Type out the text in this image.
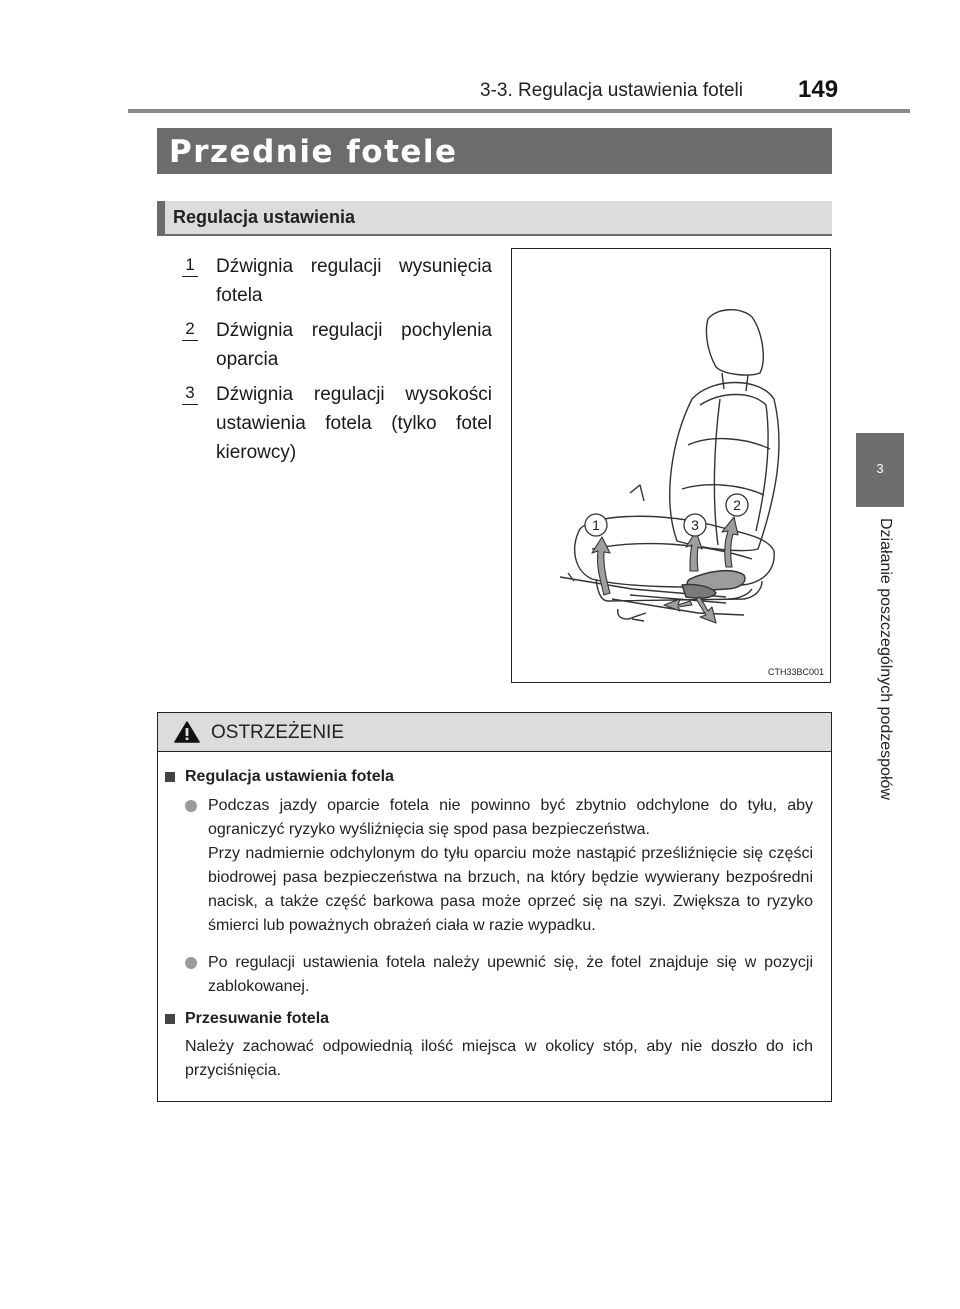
3-3. Regulacja ustawienia foteli 149
3
Działanie poszczególnych podzespołów
Przednie fotele
Regulacja ustawienia
1 Dźwignia regulacji wysunięcia fotela
2 Dźwignia regulacji pochylenia oparcia
3 Dźwignia regulacji wysokości ustawienia fotela (tylko fotel kierowcy)
1	3
2
CTH33BC001
OSTRZEŻENIE
Regulacja ustawienia fotela
Podczas jazdy oparcie fotela nie powinno być zbytnio odchylone do tyłu, aby ograniczyć ryzyko wyśliźnięcia się spod pasa bezpieczeństwa.
Przy nadmiernie odchylonym do tyłu oparciu może nastąpić prześliźnięcie się części biodrowej pasa bezpieczeństwa na brzuch, na który będzie wywierany bezpośredni nacisk, a także część barkowa pasa może oprzeć się na szyi. Zwiększa to ryzyko śmierci lub poważnych obrażeń ciała w razie wypadku.
Po regulacji ustawienia fotela należy upewnić się, że fotel znajduje się w pozycji zablokowanej.
Przesuwanie fotela
Należy zachować odpowiednią ilość miejsca w okolicy stóp, aby nie doszło do ich przyciśnięcia.
